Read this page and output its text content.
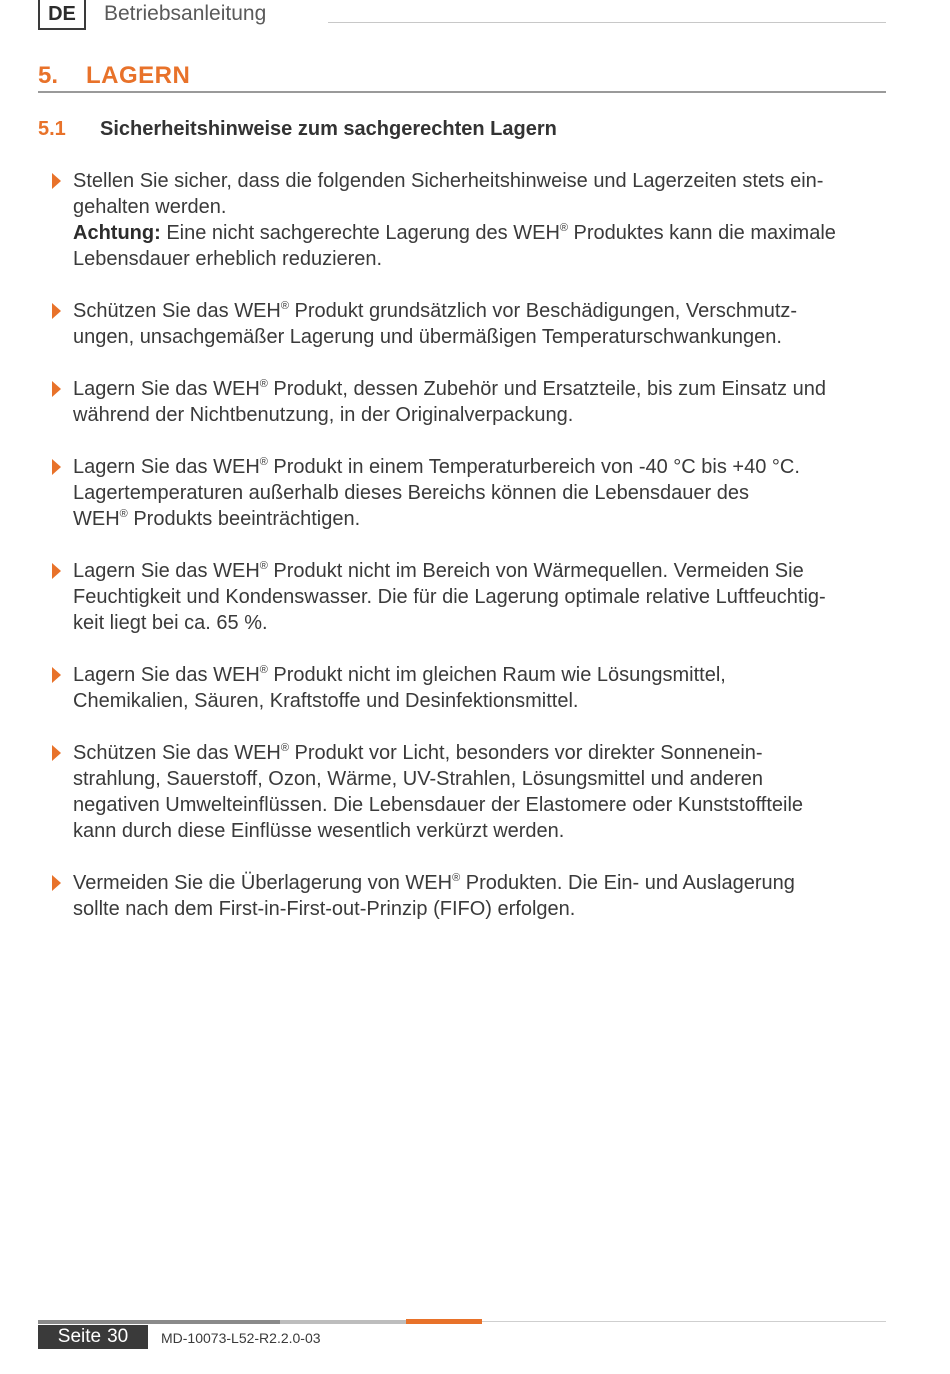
DE	Betriebsanleitung
5. LAGERN
5.1 Sicherheitshinweise zum sachgerechten Lagern
Stellen Sie sicher, dass die folgenden Sicherheitshinweise und Lagerzeiten stets ein-
gehalten werden.
Achtung: Eine nicht sachgerechte Lagerung des WEH® Produktes kann die maximale
Lebensdauer erheblich reduzieren.
Schützen Sie das WEH® Produkt grundsätzlich vor Beschädigungen, Verschmutz-
ungen, unsachgemäßer Lagerung und übermäßigen Temperaturschwankungen.
Lagern Sie das WEH® Produkt, dessen Zubehör und Ersatzteile, bis zum Einsatz und
während der Nichtbenutzung, in der Originalverpackung.
Lagern Sie das WEH® Produkt in einem Temperaturbereich von -40 °C bis +40 °C.
Lagertemperaturen außerhalb dieses Bereichs können die Lebensdauer des
WEH® Produkts beeinträchtigen.
Lagern Sie das WEH® Produkt nicht im Bereich von Wärmequellen. Vermeiden Sie
Feuchtigkeit und Kondenswasser. Die für die Lagerung optimale relative Luftfeuchtig-
keit liegt bei ca. 65 %.
Lagern Sie das WEH® Produkt nicht im gleichen Raum wie Lösungsmittel,
Chemikalien, Säuren, Kraftstoffe und Desinfektionsmittel.
Schützen Sie das WEH® Produkt vor Licht, besonders vor direkter Sonnenein-
strahlung, Sauerstoff, Ozon, Wärme, UV-Strahlen, Lösungsmittel und anderen
negativen Umwelteinflüssen. Die Lebensdauer der Elastomere oder Kunststoffteile
kann durch diese Einflüsse wesentlich verkürzt werden.
Vermeiden Sie die Überlagerung von WEH® Produkten. Die Ein- und Auslagerung
sollte nach dem First-in-First-out-Prinzip (FIFO) erfolgen.
Seite 30	MD-10073-L52-R2.2.0-03
